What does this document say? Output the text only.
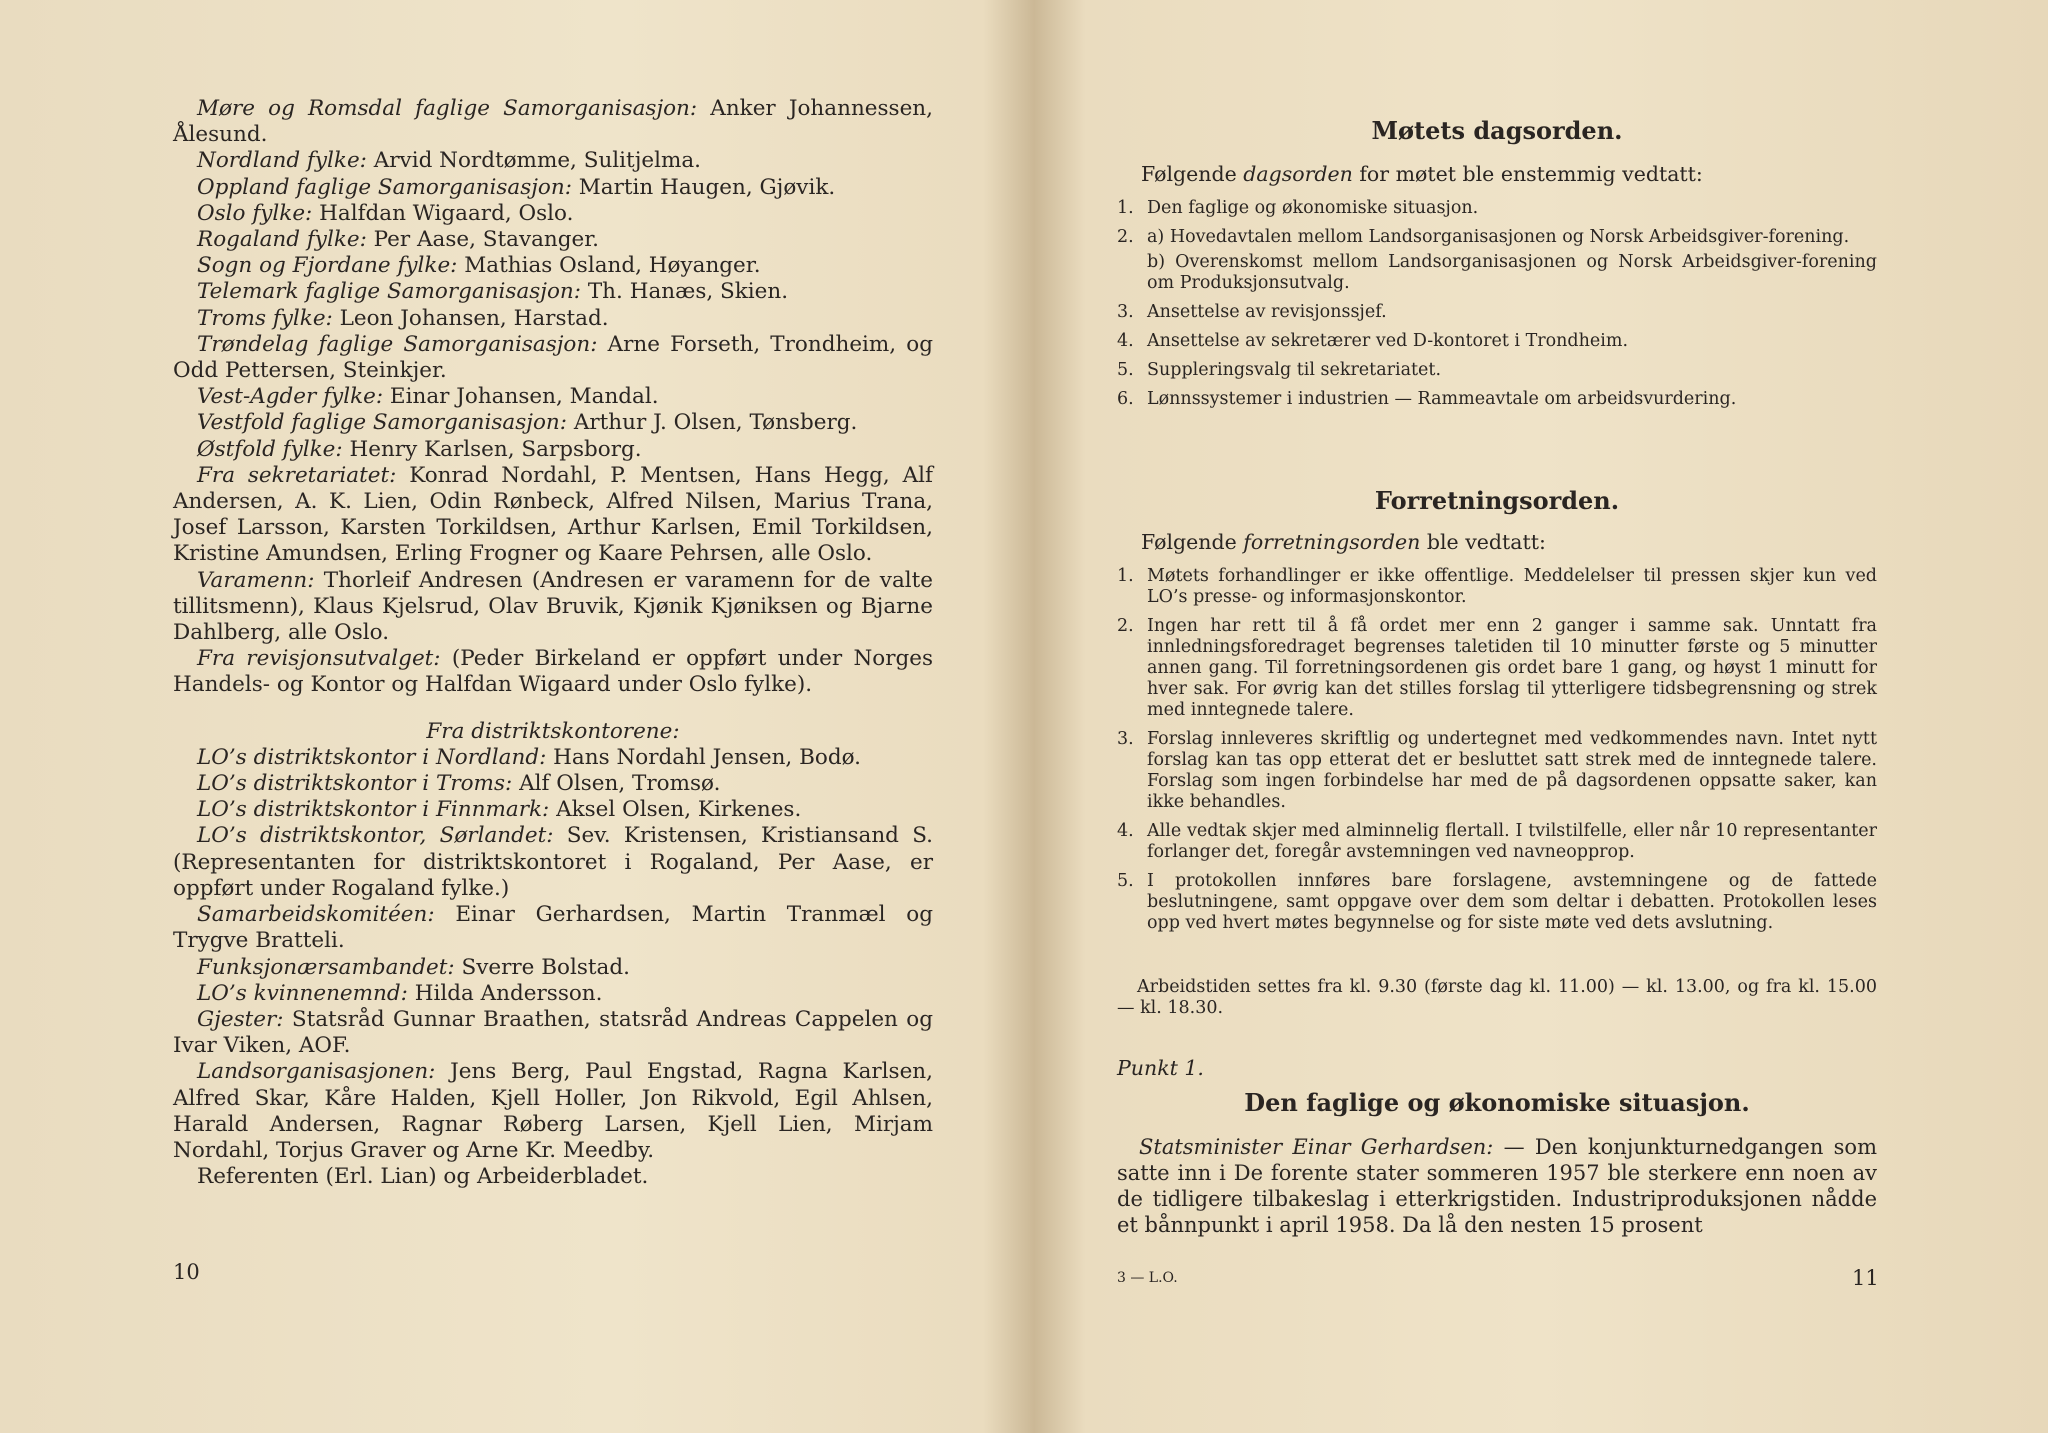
Møre og Romsdal faglige Samorganisasjon: Anker Johannessen, Ålesund.

Nordland fylke: Arvid Nordtømme, Sulitjelma.

Oppland faglige Samorganisasjon: Martin Haugen, Gjøvik.

Oslo fylke: Halfdan Wigaard, Oslo.

Rogaland fylke: Per Aase, Stavanger.

Sogn og Fjordane fylke: Mathias Osland, Høyanger.

Telemark faglige Samorganisasjon: Th. Hanæs, Skien.

Troms fylke: Leon Johansen, Harstad.

Trøndelag faglige Samorganisasjon: Arne Forseth, Trondheim, og Odd Pettersen, Steinkjer.

Vest-Agder fylke: Einar Johansen, Mandal.

Vestfold faglige Samorganisasjon: Arthur J. Olsen, Tønsberg.

Østfold fylke: Henry Karlsen, Sarpsborg.

Fra sekretariatet: Konrad Nordahl, P. Mentsen, Hans Hegg, Alf Andersen, A. K. Lien, Odin Rønbeck, Alfred Nilsen, Marius Trana, Josef Larsson, Karsten Torkildsen, Arthur Karlsen, Emil Torkildsen, Kristine Amundsen, Erling Frogner og Kaare Pehrsen, alle Oslo.

Varamenn: Thorleif Andresen (Andresen er varamenn for de valte tillitsmenn), Klaus Kjelsrud, Olav Bruvik, Kjønik Kjøniksen og Bjarne Dahlberg, alle Oslo.

Fra revisjonsutvalget: (Peder Birkeland er oppført under Norges Handels- og Kontor og Halfdan Wigaard under Oslo fylke).

Fra distriktskontorene:

LO’s distriktskontor i Nordland: Hans Nordahl Jensen, Bodø.

LO’s distriktskontor i Troms: Alf Olsen, Tromsø.

LO’s distriktskontor i Finnmark: Aksel Olsen, Kirkenes.

LO’s distriktskontor, Sørlandet: Sev. Kristensen, Kristiansand S. (Representanten for distriktskontoret i Rogaland, Per Aase, er oppført under Rogaland fylke.)

Samarbeidskomitéen: Einar Gerhardsen, Martin Tranmæl og Trygve Bratteli.

Funksjonærsambandet: Sverre Bolstad.

LO’s kvinnenemnd: Hilda Andersson.

Gjester: Statsråd Gunnar Braathen, statsråd Andreas Cappelen og Ivar Viken, AOF.

Landsorganisasjonen: Jens Berg, Paul Engstad, Ragna Karlsen, Alfred Skar, Kåre Halden, Kjell Holler, Jon Rikvold, Egil Ahlsen, Harald Andersen, Ragnar Røberg Larsen, Kjell Lien, Mirjam Nordahl, Torjus Graver og Arne Kr. Meedby.

Referenten (Erl. Lian) og Arbeiderbladet.

10

Møtets dagsorden.

Følgende dagsorden for møtet ble enstemmig vedtatt:

1. Den faglige og økonomiske situasjon.
2. a) Hovedavtalen mellom Landsorganisasjonen og Norsk Arbeidsgiver-forening.
b) Overenskomst mellom Landsorganisasjonen og Norsk Arbeidsgiver-forening om Produksjonsutvalg.
3. Ansettelse av revisjonssjef.
4. Ansettelse av sekretærer ved D-kontoret i Trondheim.
5. Suppleringsvalg til sekretariatet.
6. Lønnssystemer i industrien — Rammeavtale om arbeidsvurdering.

Forretningsorden.

Følgende forretningsorden ble vedtatt:

1. Møtets forhandlinger er ikke offentlige. Meddelelser til pressen skjer kun ved LO’s presse- og informasjonskontor.
2. Ingen har rett til å få ordet mer enn 2 ganger i samme sak. Unntatt fra innledningsforedraget begrenses taletiden til 10 minutter første og 5 minutter annen gang. Til forretningsordenen gis ordet bare 1 gang, og høyst 1 minutt for hver sak. For øvrig kan det stilles forslag til ytterligere tidsbegrensning og strek med inntegnede talere.
3. Forslag innleveres skriftlig og undertegnet med vedkommendes navn. Intet nytt forslag kan tas opp etterat det er besluttet satt strek med de inntegnede talere. Forslag som ingen forbindelse har med de på dagsordenen oppsatte saker, kan ikke behandles.
4. Alle vedtak skjer med alminnelig flertall. I tvilstilfelle, eller når 10 representanter forlanger det, foregår avstemningen ved navneopprop.
5. I protokollen innføres bare forslagene, avstemningene og de fattede beslutningene, samt oppgave over dem som deltar i debatten. Protokollen leses opp ved hvert møtes begynnelse og for siste møte ved dets avslutning.

Arbeidstiden settes fra kl. 9.30 (første dag kl. 11.00) — kl. 13.00, og fra kl. 15.00 — kl. 18.30.

Punkt 1.

Den faglige og økonomiske situasjon.

Statsminister Einar Gerhardsen: — Den konjunkturnedgangen som satte inn i De forente stater sommeren 1957 ble sterkere enn noen av de tidligere tilbakeslag i etterkrigstiden. Industriproduksjonen nådde et bånnpunkt i april 1958. Da lå den nesten 15 prosent

3 — L.O.	11
